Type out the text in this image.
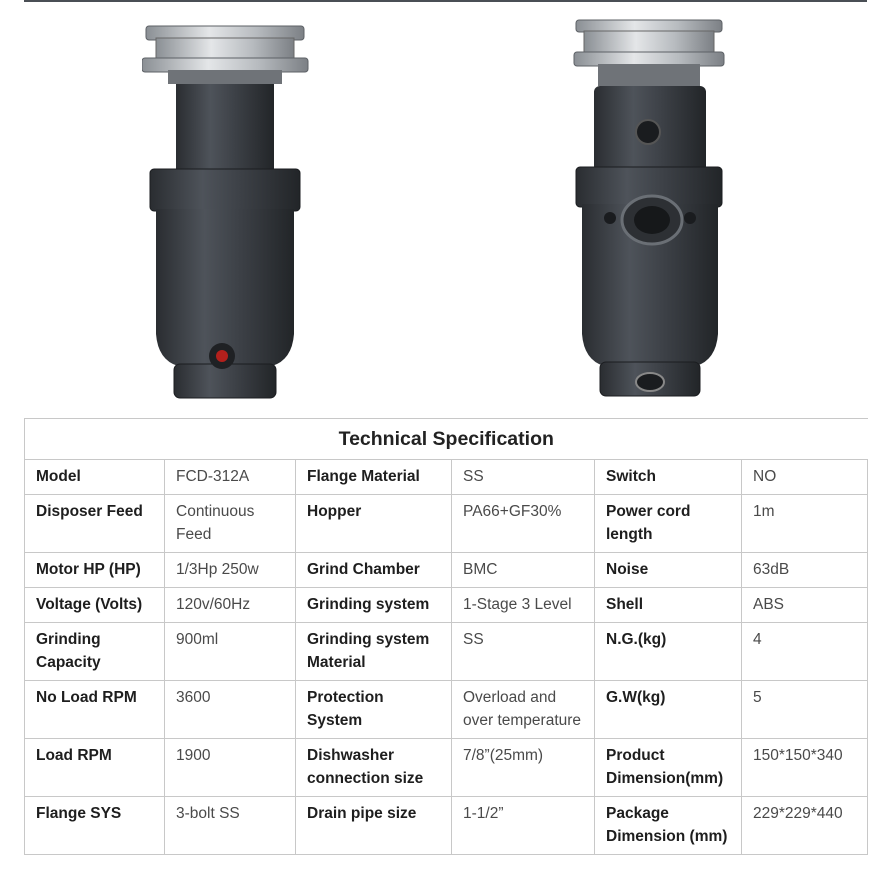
Technical Specification					
Model	FCD-312A	Flange Material	SS	Switch	NO
Disposer Feed	Continuous Feed	Hopper	PA66+GF30%	Power cord length	1m
Motor HP (HP)	1/3Hp 250w	Grind Chamber	BMC	Noise	63dB
Voltage (Volts)	120v/60Hz	Grinding system	1-Stage 3 Level	Shell	ABS
Grinding Capacity	900ml	Grinding system Material	SS	N.G.(kg)	4
No Load RPM	3600	Protection System	Overload and over temperature	G.W(kg)	5
Load RPM	1900	Dishwasher connection size	7/8”(25mm)	Product Dimension(mm)	150*150*340
Flange SYS	3-bolt SS	Drain pipe size	1-1/2”	Package Dimension (mm)	229*229*440
